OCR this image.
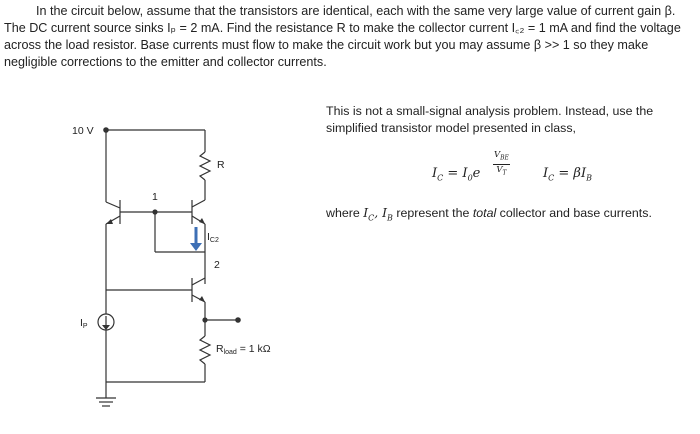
In the circuit below, assume that the transistors are identical, each with the same very large value of current gain β. The DC current source sinks Iₚ = 2 mA. Find the resistance R to make the collector current I꜀₂ = 1 mA and find the voltage across the load resistor. Base currents must flow to make the circuit work but you may assume β >> 1 so they make negligible corrections to the emitter and collector currents.

10 V
R
1
IC2
2
IP
Rload = 1 kΩ

This is not a small-signal analysis problem. Instead, use the simplified transistor model presented in class,

$I_C = I_0e$
$V_{BE}$
$V_T$	$I_C = \beta I_B$
where $I_C$, $I_B$ represent the total collector and base currents.
